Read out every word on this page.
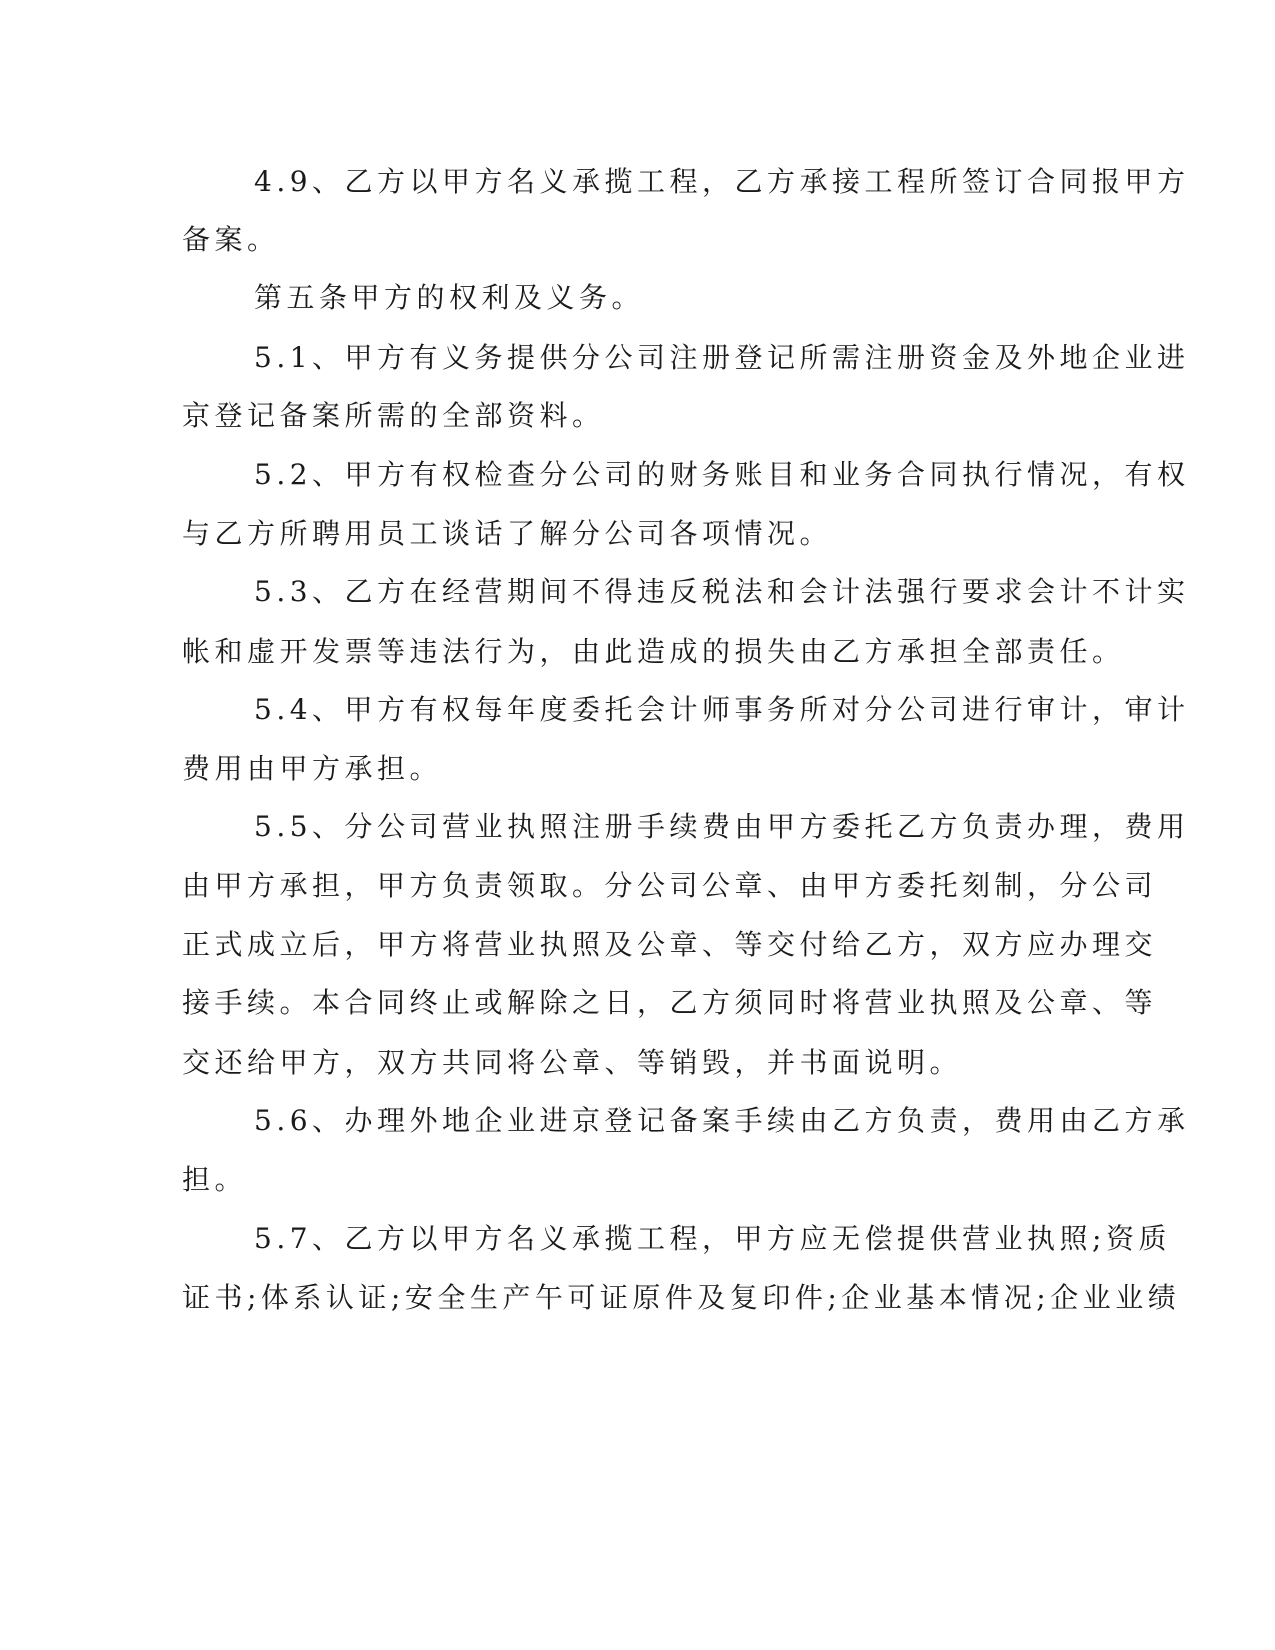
4.9、乙方以甲方名义承揽工程，乙方承接工程所签订合同报甲方
备案。
第五条甲方的权利及义务。
5.1、甲方有义务提供分公司注册登记所需注册资金及外地企业进
京登记备案所需的全部资料。
5.2、甲方有权检查分公司的财务账目和业务合同执行情况，有权
与乙方所聘用员工谈话了解分公司各项情况。
5.3、乙方在经营期间不得违反税法和会计法强行要求会计不计实
帐和虚开发票等违法行为，由此造成的损失由乙方承担全部责任。
5.4、甲方有权每年度委托会计师事务所对分公司进行审计，审计
费用由甲方承担。
5.5、分公司营业执照注册手续费由甲方委托乙方负责办理，费用
由甲方承担，甲方负责领取。分公司公章、由甲方委托刻制，分公司
正式成立后，甲方将营业执照及公章、等交付给乙方，双方应办理交
接手续。本合同终止或解除之日，乙方须同时将营业执照及公章、等
交还给甲方，双方共同将公章、等销毁，并书面说明。
5.6、办理外地企业进京登记备案手续由乙方负责，费用由乙方承
担。
5.7、乙方以甲方名义承揽工程，甲方应无偿提供营业执照;资质
证书;体系认证;安全生产午可证原件及复印件;企业基本情况;企业业绩
